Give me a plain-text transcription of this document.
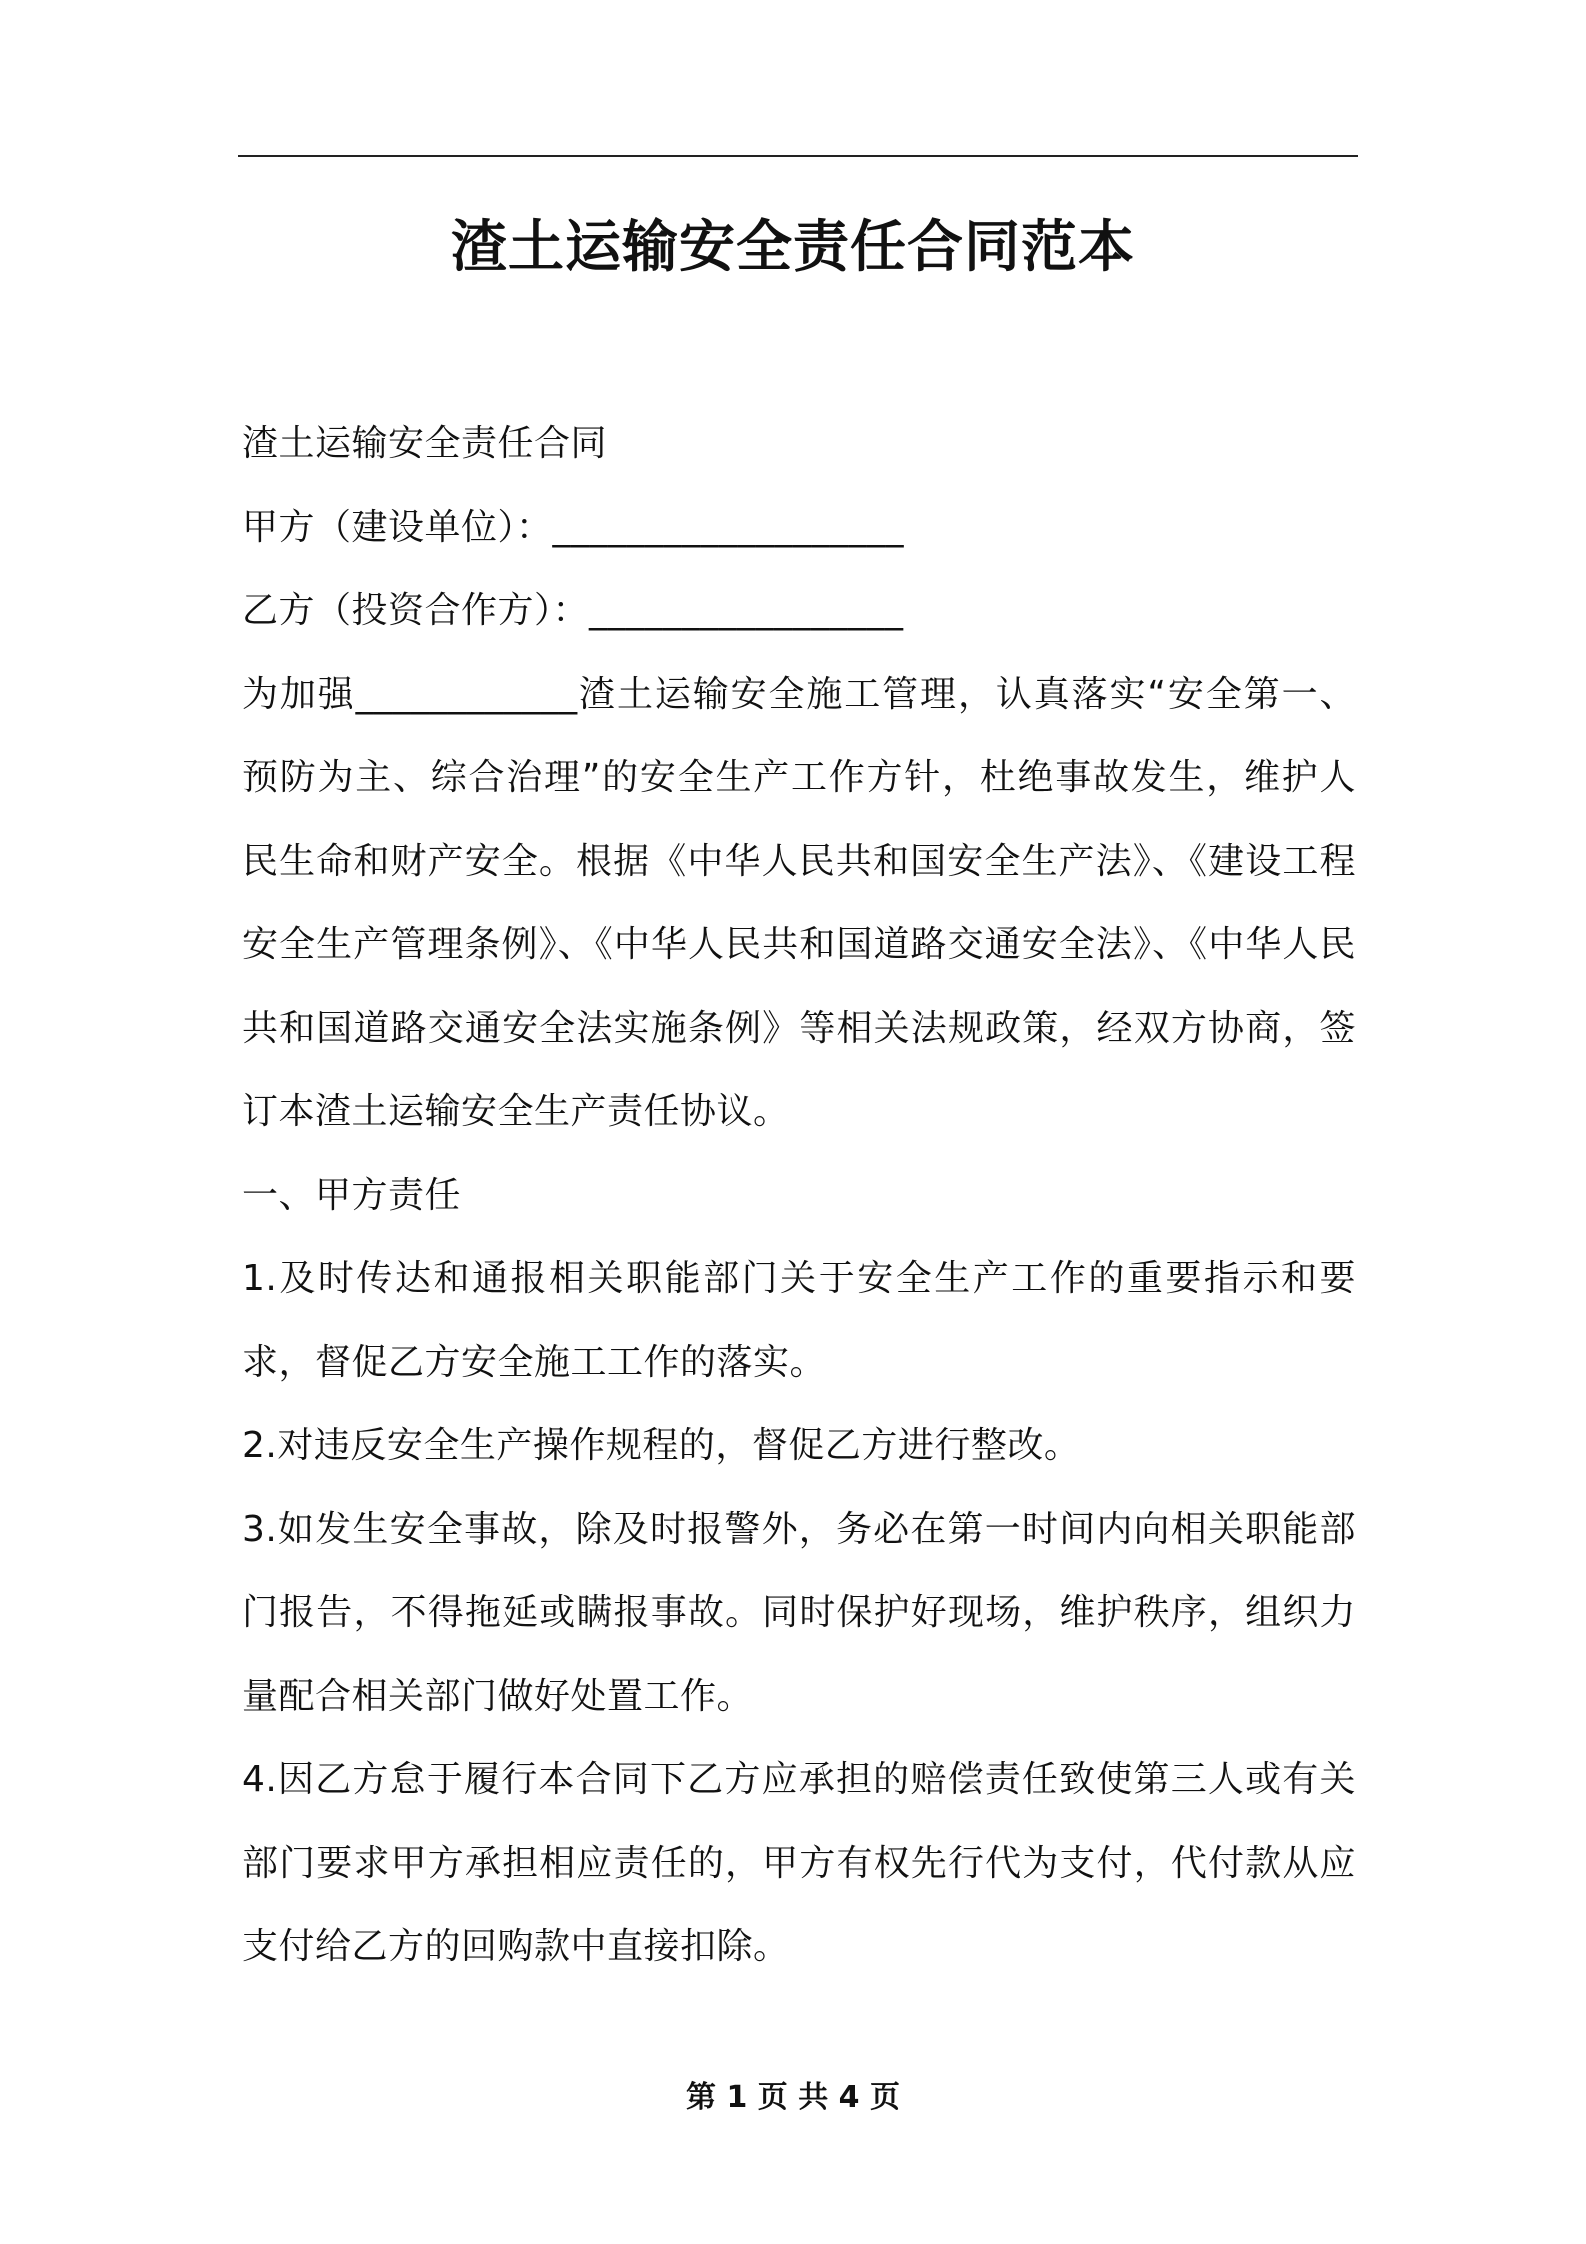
渣土运输安全责任合同范本

渣土运输安全责任合同

甲方（建设单位）：___________________

乙方（投资合作方）：_________________

为加强____________渣土运输安全施工管理，认真落实“安全第一、预防为主、综合治理”的安全生产工作方针，杜绝事故发生，维护人民生命和财产安全。根据《中华人民共和国安全生产法》、《建设工程安全生产管理条例》、《中华人民共和国道路交通安全法》、《中华人民共和国道路交通安全法实施条例》等相关法规政策，经双方协商，签订本渣土运输安全生产责任协议。

一、甲方责任

1.及时传达和通报相关职能部门关于安全生产工作的重要指示和要求，督促乙方安全施工工作的落实。

2.对违反安全生产操作规程的，督促乙方进行整改。

3.如发生安全事故，除及时报警外，务必在第一时间内向相关职能部门报告，不得拖延或瞒报事故。同时保护好现场，维护秩序，组织力量配合相关部门做好处置工作。

4.因乙方怠于履行本合同下乙方应承担的赔偿责任致使第三人或有关部门要求甲方承担相应责任的，甲方有权先行代为支付，代付款从应支付给乙方的回购款中直接扣除。

第 1 页 共 4 页
